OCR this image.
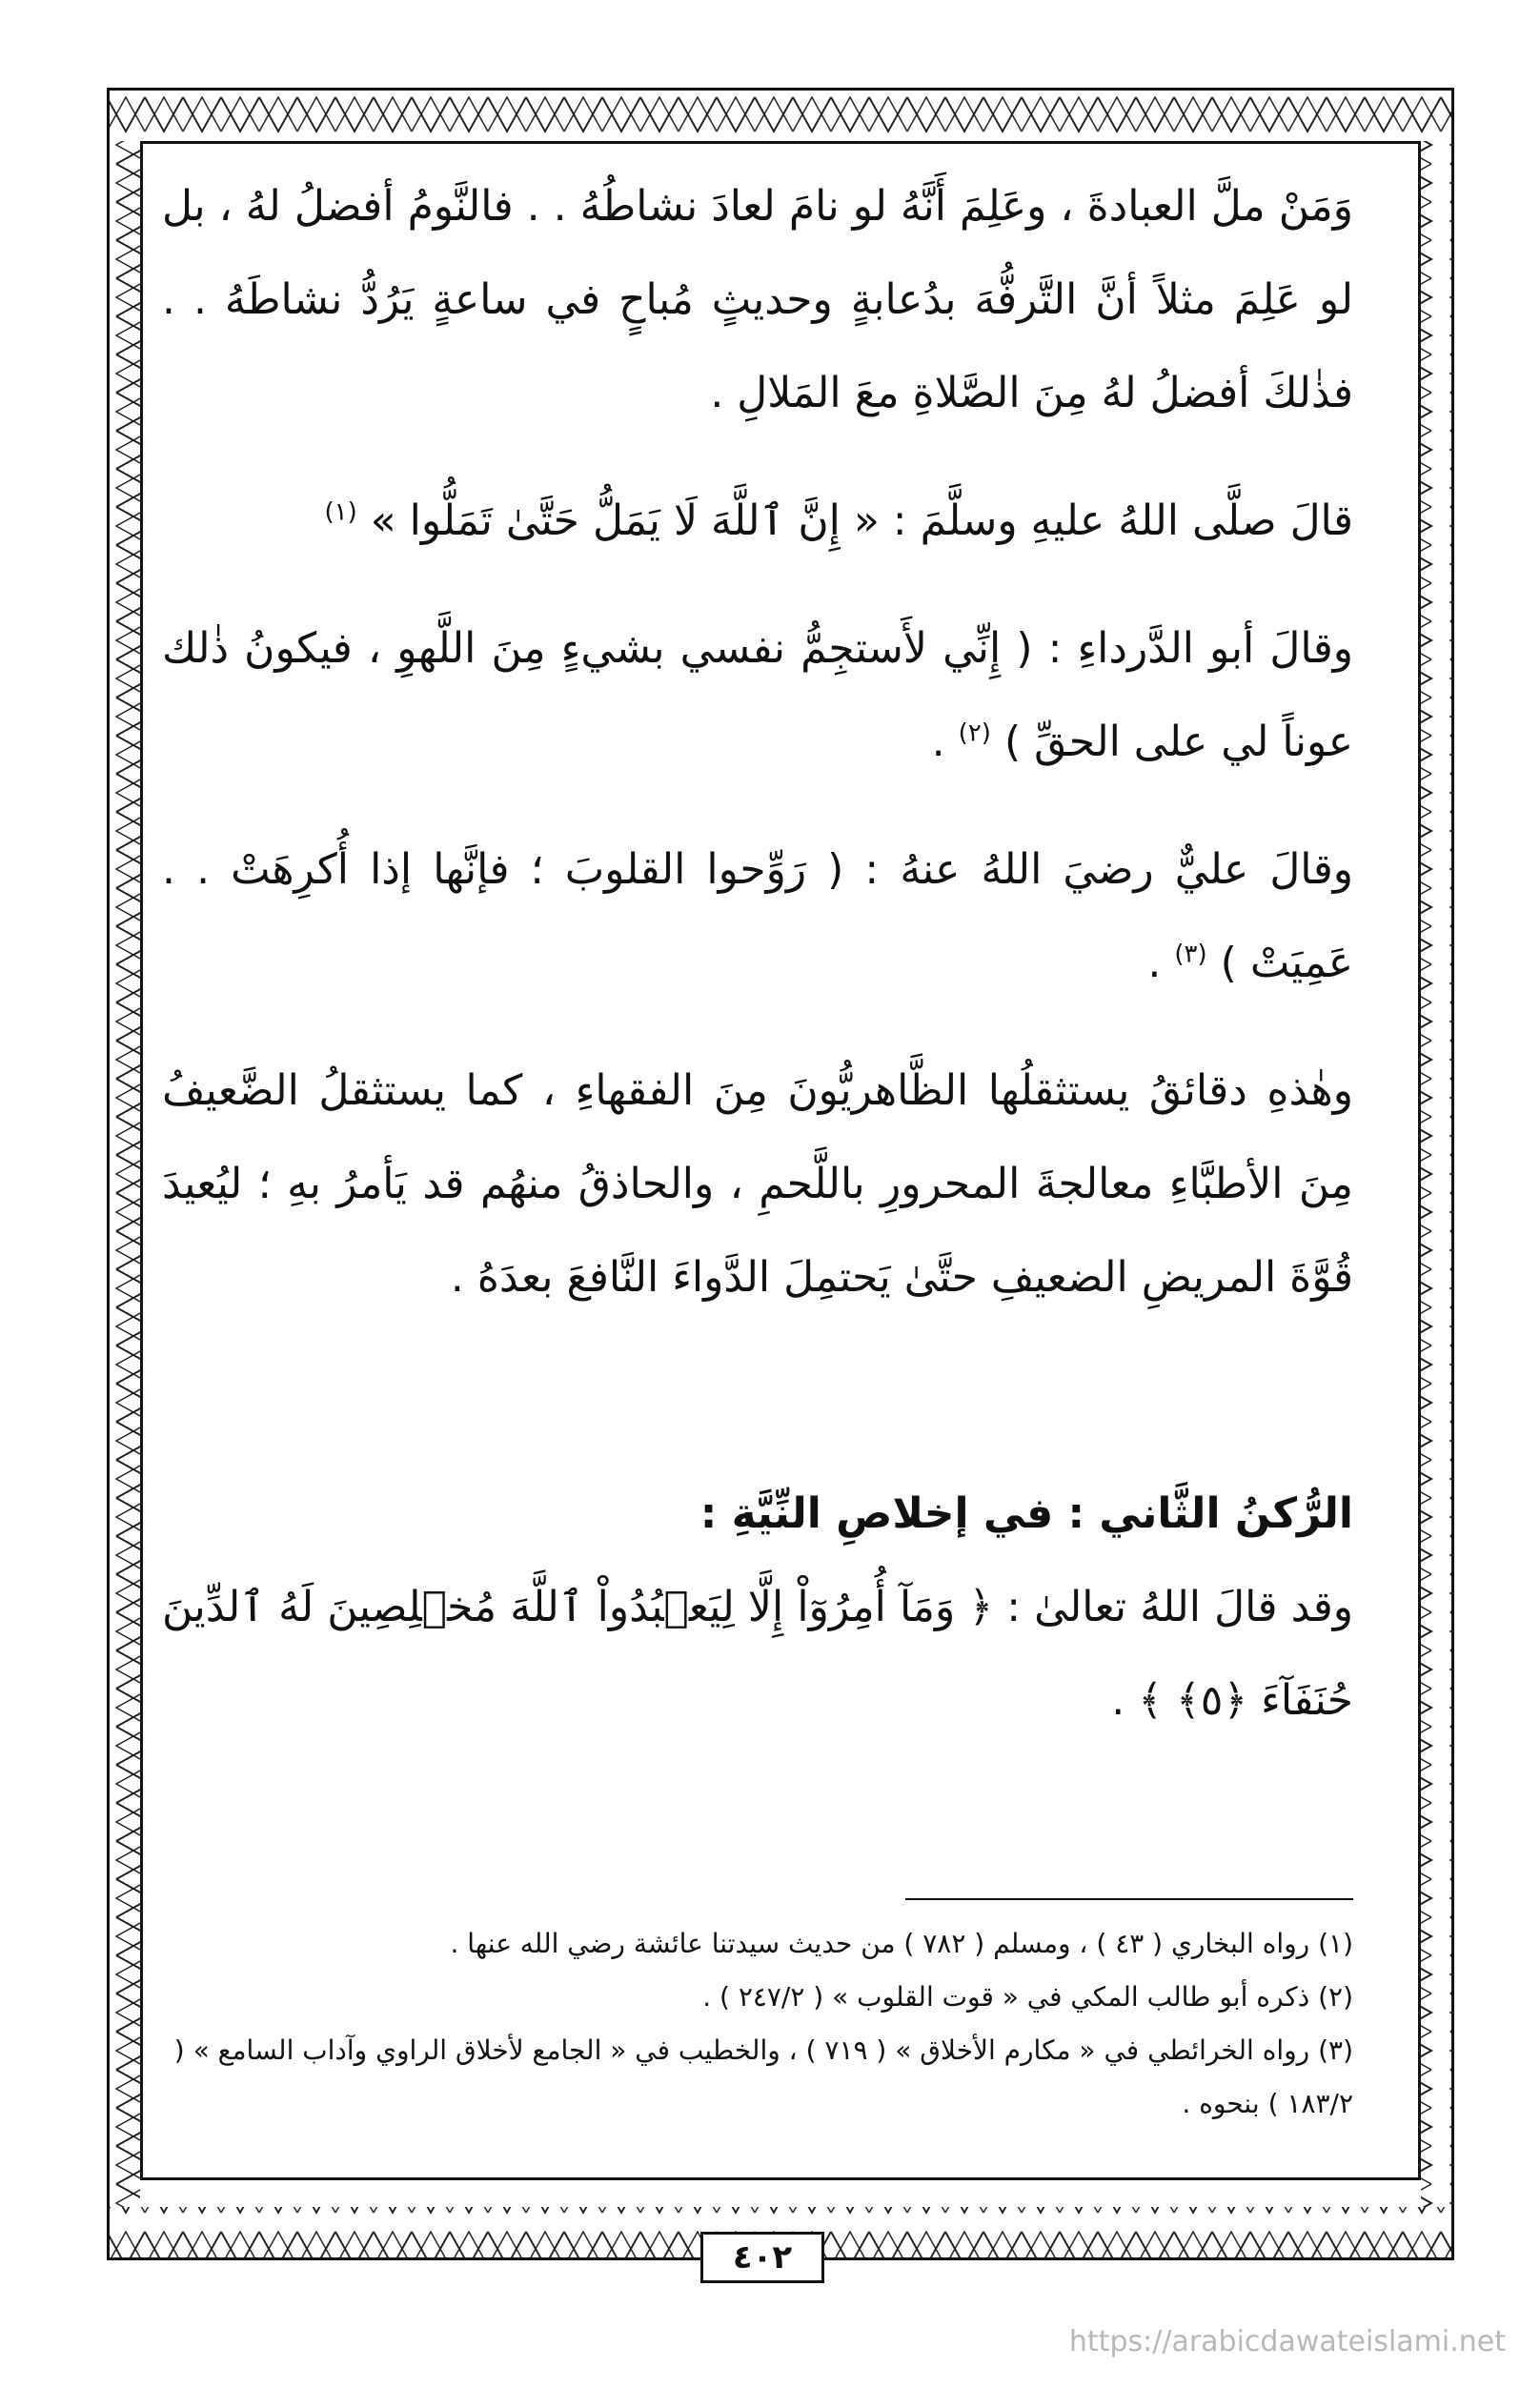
وَمَنْ ملَّ العبادةَ ، وعَلِمَ أَنَّهُ لو نامَ لعادَ نشاطُهُ . . فالنَّومُ أفضلُ لهُ ، بل لو عَلِمَ مثلاً أنَّ التَّرفُّهَ بدُعابةٍ وحديثٍ مُباحٍ في ساعةٍ يَرُدُّ نشاطَهُ . . فذٰلكَ أفضلُ لهُ مِنَ الصَّلاةِ معَ المَلالِ .

قالَ صلَّى اللهُ عليهِ وسلَّمَ : « إِنَّ ٱللَّهَ لَا يَمَلُّ حَتَّىٰ تَمَلُّوا » $^{(١)}$

وقالَ أبو الدَّرداءِ : ( إِنِّي لأَستجِمُّ نفسي بشيءٍ مِنَ اللَّهوِ ، فيكونُ ذٰلك عوناً لي على الحقِّ ) $^{(٢)}$ .

وقالَ عليٌّ رضيَ اللهُ عنهُ : ( رَوِّحوا القلوبَ ؛ فإنَّها إذا أُكرِهَتْ . . عَمِيَتْ ) $^{(٣)}$ .

وهٰذهِ دقائقُ يستثقلُها الظَّاهريُّونَ مِنَ الفقهاءِ ، كما يستثقلُ الضَّعيفُ مِنَ الأطبَّاءِ معالجةَ المحرورِ باللَّحمِ ، والحاذقُ منهُم قد يَأمرُ بهِ ؛ ليُعيدَ قُوَّةَ المريضِ الضعيفِ حتَّىٰ يَحتمِلَ الدَّواءَ النَّافعَ بعدَهُ .

الرُّكنُ الثَّاني : في إخلاصِ النِّيَّةِ :

وقد قالَ اللهُ تعالىٰ : ﴿ وَمَآ أُمِرُوٓاْ إِلَّا لِيَعۡبُدُواْ ٱللَّهَ مُخۡلِصِينَ لَهُ ٱلدِّينَ حُنَفَآءَ ﴿٥﴾ ﴾ .

(١) رواه البخاري ( ٤٣ ) ، ومسلم ( ٧٨٢ ) من حديث سيدتنا عائشة رضي الله عنها .
(٢) ذكره أبو طالب المكي في « قوت القلوب » ( ٢٤٧/٢ ) .
(٣) رواه الخرائطي في « مكارم الأخلاق » ( ٧١٩ ) ، والخطيب في « الجامع لأخلاق الراوي وآداب السامع » ( ١٨٣/٢ ) بنحوه .
٤٠٢
https://arabicdawateislami.net
